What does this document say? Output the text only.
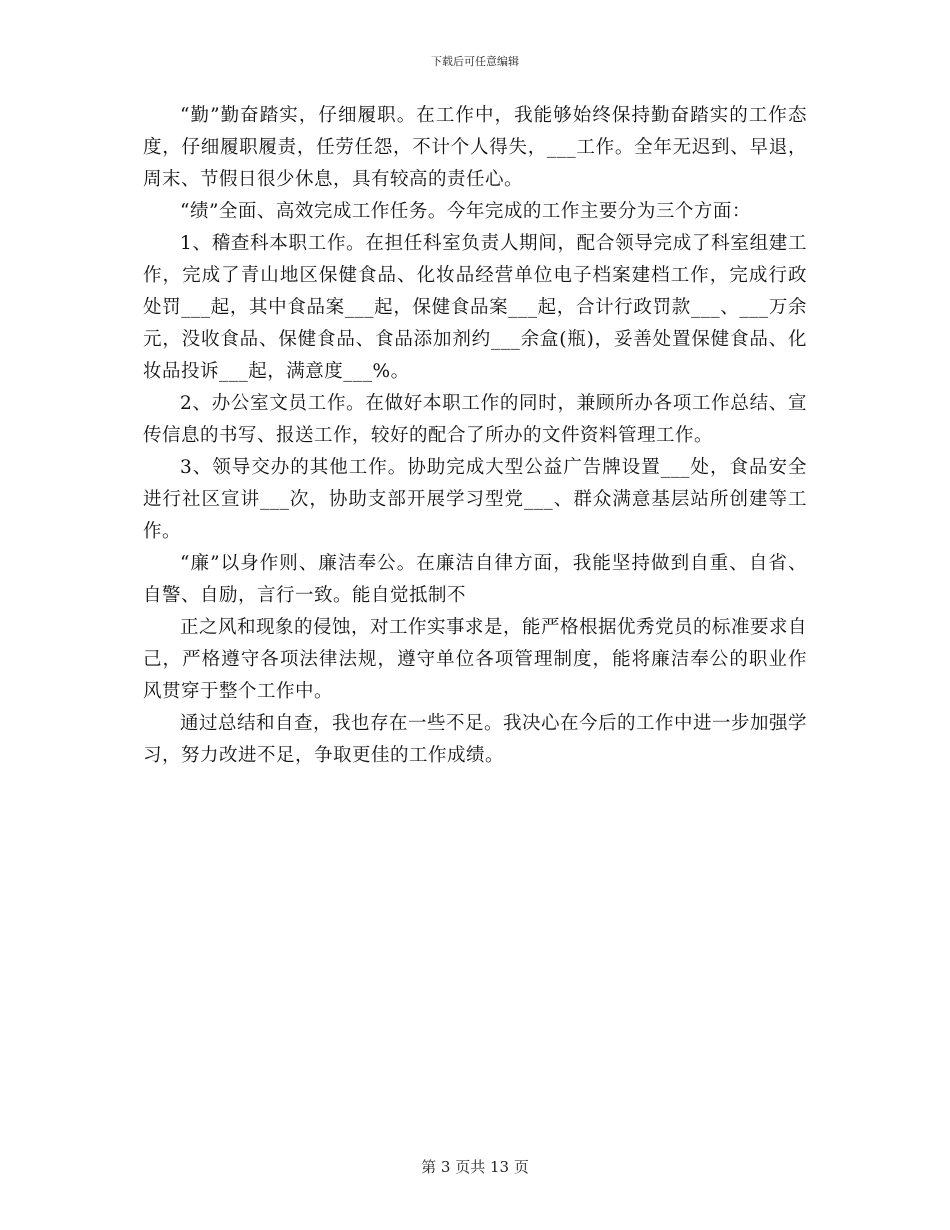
下载后可任意编辑

“勤”勤奋踏实，仔细履职。在工作中，我能够始终保持勤奋踏实的工作态度，仔细履职履责，任劳任怨，不计个人得失，___工作。全年无迟到、早退，周末、节假日很少休息，具有较高的责任心。

“绩”全面、高效完成工作任务。今年完成的工作主要分为三个方面：

1、稽查科本职工作。在担任科室负责人期间，配合领导完成了科室组建工作，完成了青山地区保健食品、化妆品经营单位电子档案建档工作，完成行政处罚___起，其中食品案___起，保健食品案___起，合计行政罚款___、___万余元，没收食品、保健食品、食品添加剂约___余盒(瓶)，妥善处置保健食品、化妆品投诉___起，满意度___%。

2、办公室文员工作。在做好本职工作的同时，兼顾所办各项工作总结、宣传信息的书写、报送工作，较好的配合了所办的文件资料管理工作。

3、领导交办的其他工作。协助完成大型公益广告牌设置___处，食品安全进行社区宣讲___次，协助支部开展学习型党___、群众满意基层站所创建等工作。

“廉”以身作则、廉洁奉公。在廉洁自律方面，我能坚持做到自重、自省、自警、自励，言行一致。能自觉抵制不

正之风和现象的侵蚀，对工作实事求是，能严格根据优秀党员的标准要求自己，严格遵守各项法律法规，遵守单位各项管理制度，能将廉洁奉公的职业作风贯穿于整个工作中。

通过总结和自查，我也存在一些不足。我决心在今后的工作中进一步加强学习，努力改进不足，争取更佳的工作成绩。

第 3 页共 13 页
